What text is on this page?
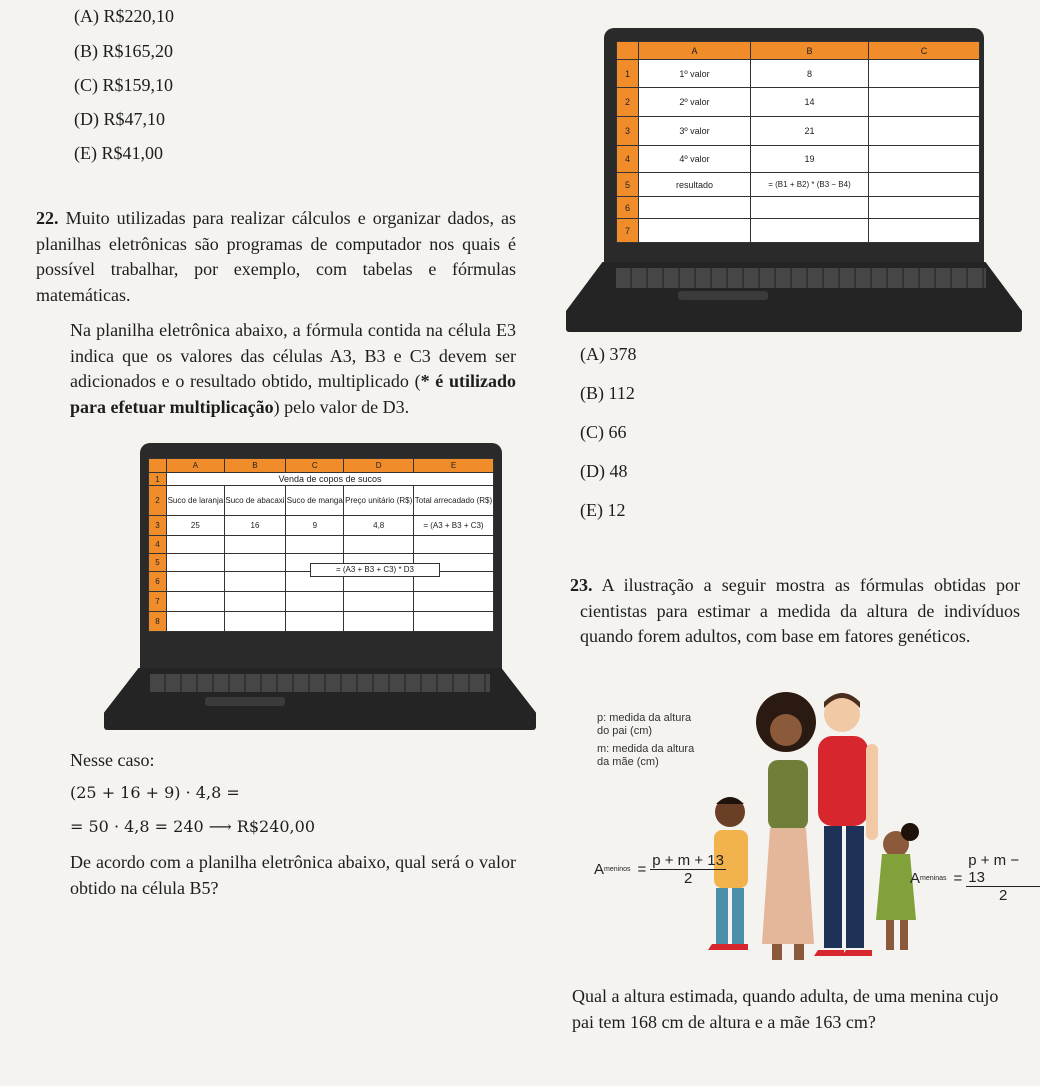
(A) R$220,10
(B) R$165,20
(C) R$159,10
(D) R$47,10
(E) R$41,00
22. Muito utilizadas para realizar cálculos e organizar dados, as planilhas eletrônicas são programas de computador nos quais é possível trabalhar, por exemplo, com tabelas e fórmulas matemáticas.
Na planilha eletrônica abaixo, a fórmula contida na célula E3 indica que os valores das células A3, B3 e C3 devem ser adicionados e o resultado obtido, multiplicado (* é utilizado para efetuar multiplicação) pelo valor de D3.
	A	B	C	D	E
1	Venda de copos de sucos				
2	Suco de laranja	Suco de abacaxi	Suco de manga	Preço unitário (R$)	Total arrecadado (R$)
3	25	16	9	4,8	= (A3 + B3 + C3)
4					
5					
6					
7					
8					
= (A3 + B3 + C3) * D3
Nesse caso:
(25 + 16 + 9) · 4,8 =
= 50 · 4,8 = 240 ⟶ R$240,00
De acordo com a planilha eletrônica abaixo, qual será o valor obtido na célula B5?
	A	B	C
1	1º valor	8	
2	2º valor	14	
3	3º valor	21	
4	4º valor	19	
5	resultado	= (B1 + B2) * (B3 − B4)	
6			
7			
(A) 378
(B) 112
(C) 66
(D) 48
(E) 12
23. A ilustração a seguir mostra as fórmulas obtidas por cientistas para estimar a medida da altura de indivíduos quando forem adultos, com base em fatores genéticos.
p: medida da altura do pai (cm)
m: medida da altura da mãe (cm)
A meninos = $\frac{p + m + 13}{2}$	A meninas = $\frac{p + m - 13}{2}$
Qual a altura estimada, quando adulta, de uma menina cujo pai tem 168 cm de altura e a mãe 163 cm?
